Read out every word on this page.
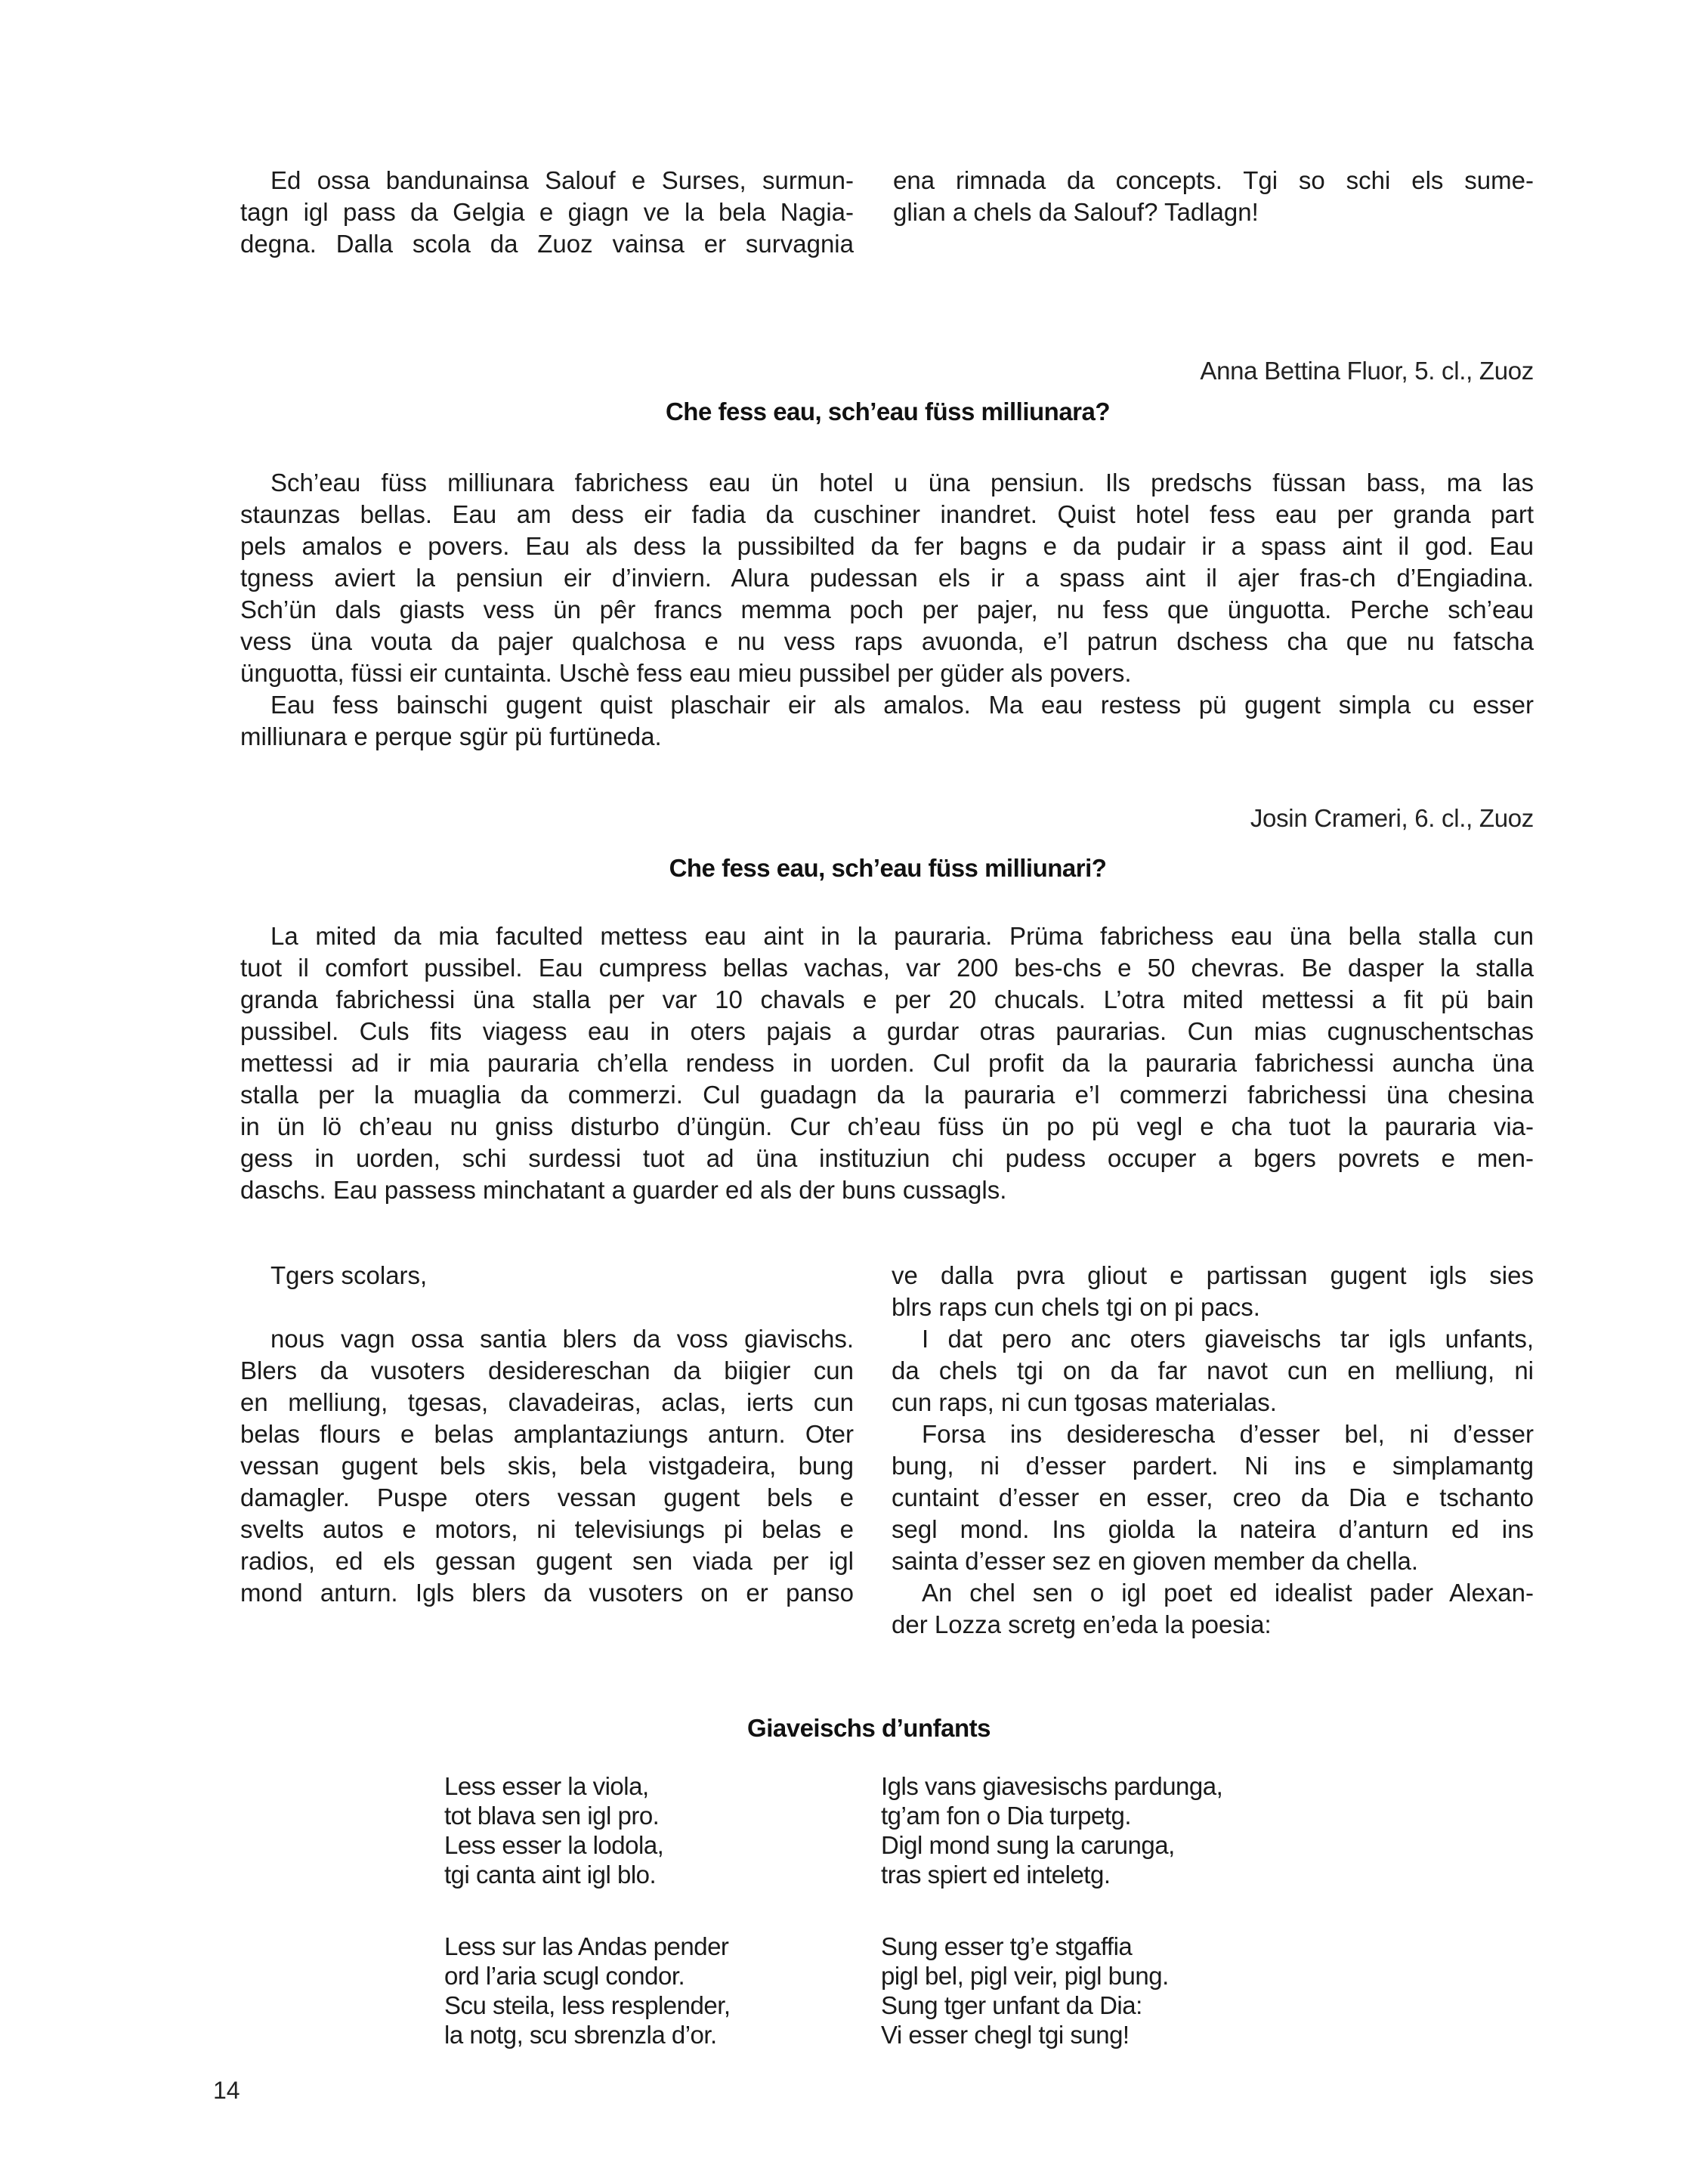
Ed ossa bandunainsa Salouf e Surses, surmun-
tagn igl pass da Gelgia e giagn ve la bela Nagia-
degna. Dalla scola da Zuoz vainsa er survagnia
ena rimnada da concepts. Tgi so schi els sume-
glian a chels da Salouf? Tadlagn!
Anna Bettina Fluor, 5. cl., Zuoz
Che fess eau, sch’eau füss milliunara?
Sch’eau füss milliunara fabrichess eau ün hotel u üna pensiun. Ils predschs füssan bass, ma las
staunzas bellas. Eau am dess eir fadia da cuschiner inandret. Quist hotel fess eau per granda part
pels amalos e povers. Eau als dess la pussibilted da fer bagns e da pudair ir a spass aint il god. Eau
tgness aviert la pensiun eir d’inviern. Alura pudessan els ir a spass aint il ajer fras-ch d’Engiadina.
Sch’ün dals giasts vess ün pêr francs memma poch per pajer, nu fess que ünguotta. Perche sch’eau
vess üna vouta da pajer qualchosa e nu vess raps avuonda, e’l patrun dschess cha que nu fatscha
ünguotta, füssi eir cuntainta. Uschè fess eau mieu pussibel per güder als povers.
Eau fess bainschi gugent quist plaschair eir als amalos. Ma eau restess pü gugent simpla cu esser
milliunara e perque sgür pü furtüneda.
Josin Crameri, 6. cl., Zuoz
Che fess eau, sch’eau füss milliunari?
La mited da mia faculted mettess eau aint in la pauraria. Prüma fabrichess eau üna bella stalla cun
tuot il comfort pussibel. Eau cumpress bellas vachas, var 200 bes-chs e 50 chevras. Be dasper la stalla
granda fabrichessi üna stalla per var 10 chavals e per 20 chucals. L’otra mited mettessi a fit pü bain
pussibel. Culs fits viagess eau in oters pajais a gurdar otras paurarias. Cun mias cugnuschentschas
mettessi ad ir mia pauraria ch’ella rendess in uorden. Cul profit da la pauraria fabrichessi auncha üna
stalla per la muaglia da commerzi. Cul guadagn da la pauraria e’l commerzi fabrichessi üna chesina
in ün lö ch’eau nu gniss disturbo d’üngün. Cur ch’eau füss ün po pü vegl e cha tuot la pauraria via-
gess in uorden, schi surdessi tuot ad üna instituziun chi pudess occuper a bgers povrets e men-
daschs. Eau passess minchatant a guarder ed als der buns cussagls.
Tgers scolars,
nous vagn ossa santia blers da voss giavischs.
Blers da vusoters desidereschan da biigier cun
en melliung, tgesas, clavadeiras, aclas, ierts cun
belas flours e belas amplantaziungs anturn. Oter
vessan gugent bels skis, bela vistgadeira, bung
damagler. Puspe oters vessan gugent bels e
svelts autos e motors, ni televisiungs pi belas e
radios, ed els gessan gugent sen viada per igl
mond anturn. Igls blers da vusoters on er panso
ve dalla pvra gliout e partissan gugent igls sies
blrs raps cun chels tgi on pi pacs.
I dat pero anc oters giaveischs tar igls unfants,
da chels tgi on da far navot cun en melliung, ni
cun raps, ni cun tgosas materialas.
Forsa ins desiderescha d’esser bel, ni d’esser
bung, ni d’esser pardert. Ni ins e simplamantg
cuntaint d’esser en esser, creo da Dia e tschanto
segl mond. Ins giolda la nateira d’anturn ed ins
sainta d’esser sez en gioven member da chella.
An chel sen o igl poet ed idealist pader Alexan-
der Lozza scretg en’eda la poesia:
Giaveischs d’unfants
Less esser la viola,
tot blava sen igl pro.
Less esser la lodola,
tgi canta aint igl blo.
Less sur las Andas pender
ord l’aria scugl condor.
Scu steila, less resplender,
la notg, scu sbrenzla d’or.
Igls vans giavesischs pardunga,
tg’am fon o Dia turpetg.
Digl mond sung la carunga,
tras spiert ed inteletg.
Sung esser tg’e stgaffia
pigl bel, pigl veir, pigl bung.
Sung tger unfant da Dia:
Vi esser chegl tgi sung!
14
